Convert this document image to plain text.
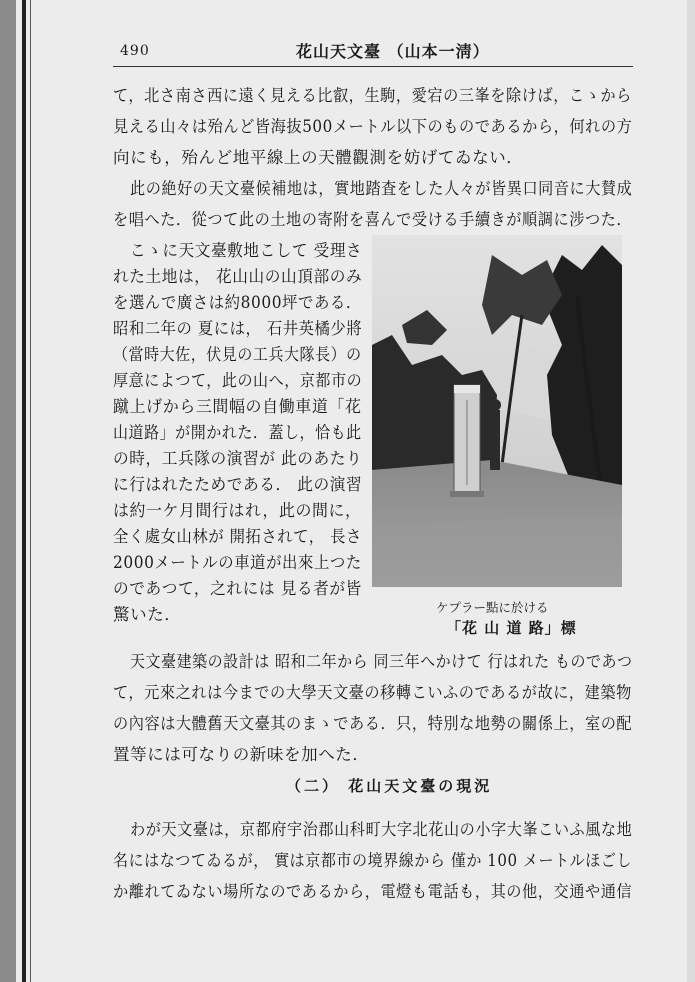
490	花山天文臺 （山本一淸）
て，北さ南さ西に遠く見える比叡，生駒，愛宕の三峯を除けば，こゝから
見える山々は殆んど皆海抜500メートル以下のものであるから，何れの方
向にも，殆んど地平線上の天體觀測を妨げてゐない．
此の絶好の天文臺候補地は，實地踏査をした人々が皆異口同音に大賛成
を唱へた．從つて此の土地の寄附を喜んで受ける手續きが順調に涉つた．
こゝに天文臺敷地こして 受理さ
れた土地は， 花山山の山頂部のみ
を選んで廣さは約8000坪である．
昭和二年の 夏には， 石井英橘少將
（當時大佐，伏見の工兵大隊長）の
厚意によつて，此の山へ，京都市の
蹴上げから三間幅の自働車道「花
山道路」が開かれた．蓋し，恰も此
の時，工兵隊の演習が 此のあたり
に行はれたためである． 此の演習
は約一ケ月間行はれ，此の間に，
全く處女山林が 開拓されて， 長さ
2000メートルの車道が出來上つた
のであつて，之れには 見る者が皆
驚いた．	ケプラー點に於ける
「花 山 道 路」標
天文臺建築の設計は 昭和二年から 同三年へかけて 行はれた ものであつ
て，元來之れは今までの大學天文臺の移轉こいふのであるが故に，建築物
の內容は大體舊天文臺其のまゝである．只，特別な地勢の關係上，室の配
置等には可なりの新味を加へた．
（二） 花山天文臺の現況
わが天文臺は，京都府宇治郡山科町大字北花山の小字大峯こいふ風な地
名にはなつてゐるが， 實は京都市の境界線から 僅か 100 メートルほごし
か離れてゐない場所なのであるから，電燈も電話も，其の他，交通や通信
